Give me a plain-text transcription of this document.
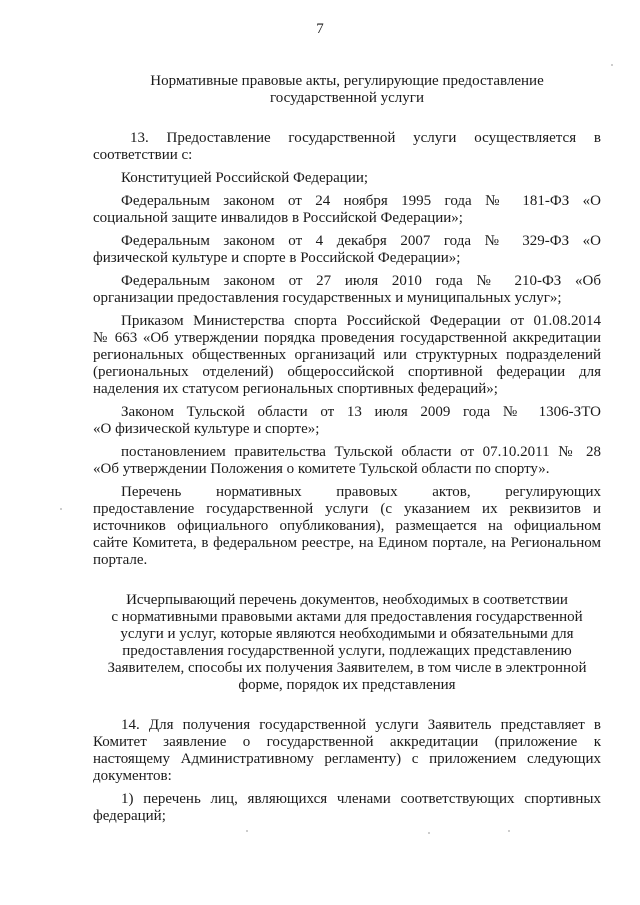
7
Нормативные правовые акты, регулирующие предоставление
государственной услуги
13. Предоставление государственной услуги осуществляется в
соответствии с:
Конституцией Российской Федерации;
Федеральным законом от 24 ноября 1995 года № 181-ФЗ «О
социальной защите инвалидов в Российской Федерации»;
Федеральным законом от 4 декабря 2007 года № 329-ФЗ «О
физической культуре и спорте в Российской Федерации»;
Федеральным законом от 27 июля 2010 года № 210-ФЗ «Об
организации предоставления государственных и муниципальных услуг»;
Приказом Министерства спорта Российской Федерации от 01.08.2014
№ 663 «Об утверждении порядка проведения государственной аккредитации
региональных общественных организаций или структурных подразделений
(региональных отделений) общероссийской спортивной федерации для
наделения их статусом региональных спортивных федераций»;
Законом Тульской области от 13 июля 2009 года № 1306-ЗТО
«О физической культуре и спорте»;
постановлением правительства Тульской области от 07.10.2011 № 28
«Об утверждении Положения о комитете Тульской области по спорту».
Перечень нормативных правовых актов, регулирующих
предоставление государственной услуги (с указанием их реквизитов и
источников официального опубликования), размещается на официальном
сайте Комитета, в федеральном реестре, на Едином портале, на Региональном
портале.
Исчерпывающий перечень документов, необходимых в соответствии
с нормативными правовыми актами для предоставления государственной
услуги и услуг, которые являются необходимыми и обязательными для
предоставления государственной услуги, подлежащих представлению
Заявителем, способы их получения Заявителем, в том числе в электронной
форме, порядок их представления
14. Для получения государственной услуги Заявитель представляет в
Комитет заявление о государственной аккредитации (приложение к
настоящему Административному регламенту) с приложением следующих
документов:
1) перечень лиц, являющихся членами соответствующих спортивных
федераций;
